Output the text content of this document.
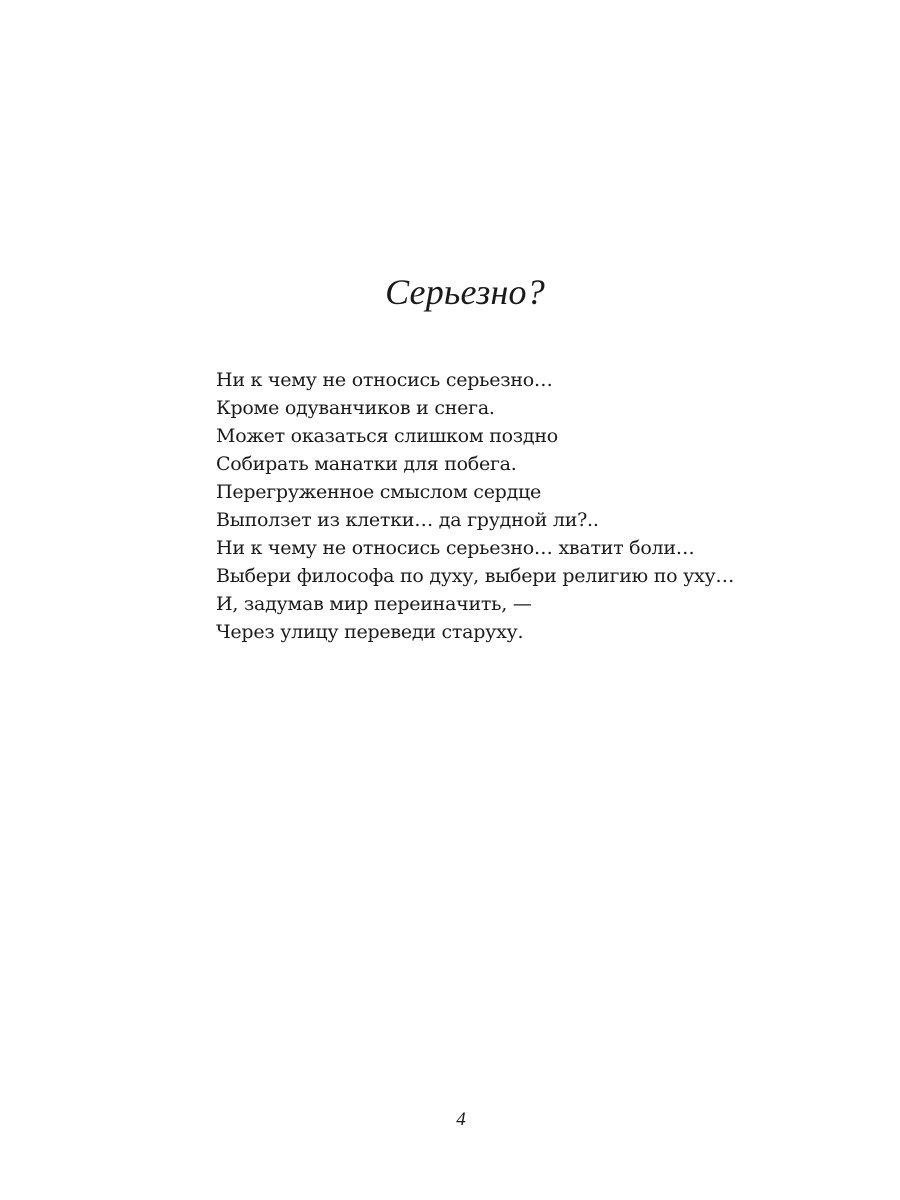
Серьезно?
Ни к чему не относись серьезно…
Кроме одуванчиков и снега.
Может оказаться слишком поздно
Собирать манатки для побега.
Перегруженное смыслом сердце
Выползет из клетки… да грудной ли?..
Ни к чему не относись серьезно… хватит боли…
Выбери философа по духу, выбери религию по уху…
И, задумав мир переиначить, —
Через улицу переведи старуху.
4
